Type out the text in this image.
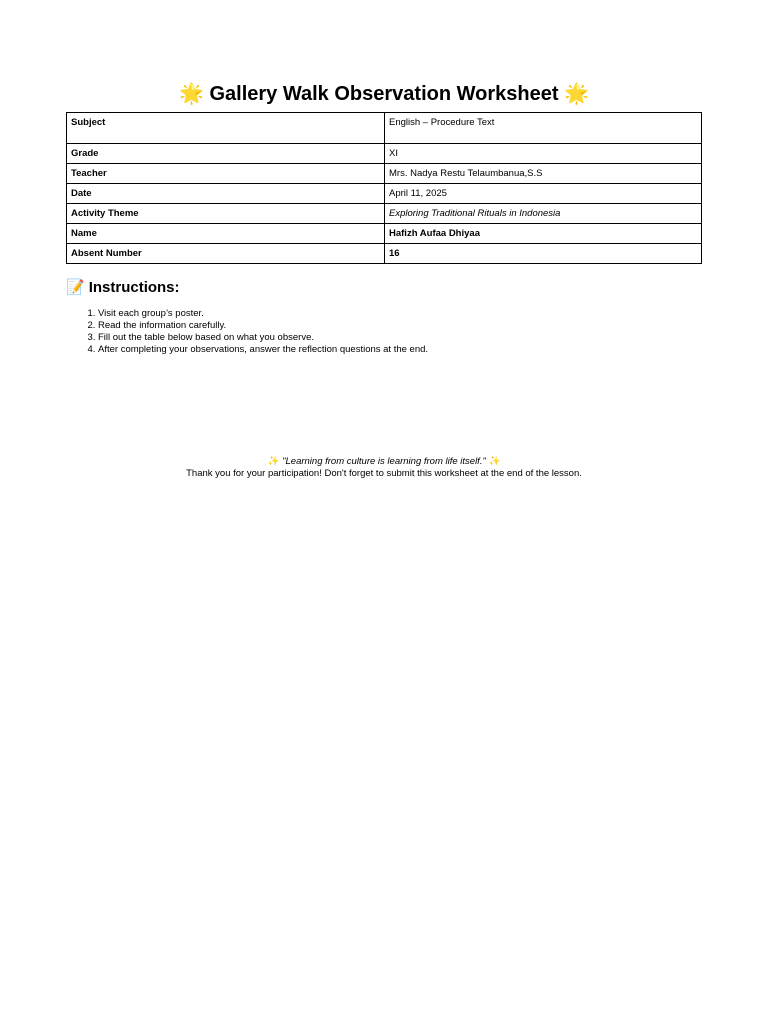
🌟 Gallery Walk Observation Worksheet 🌟
Subject	English – Procedure Text
Grade	XI
Teacher	Mrs. Nadya Restu Telaumbanua,S.S
Date	April 11, 2025
Activity Theme	Exploring Traditional Rituals in Indonesia
Name	Hafizh Aufaa Dhiyaa
Absent Number	16
📝 Instructions:
1. Visit each group’s poster.
2. Read the information carefully.
3. Fill out the table below based on what you observe.
4. After completing your observations, answer the reflection questions at the end.
✨ "Learning from culture is learning from life itself." ✨
Thank you for your participation! Don't forget to submit this worksheet at the end of the lesson.
